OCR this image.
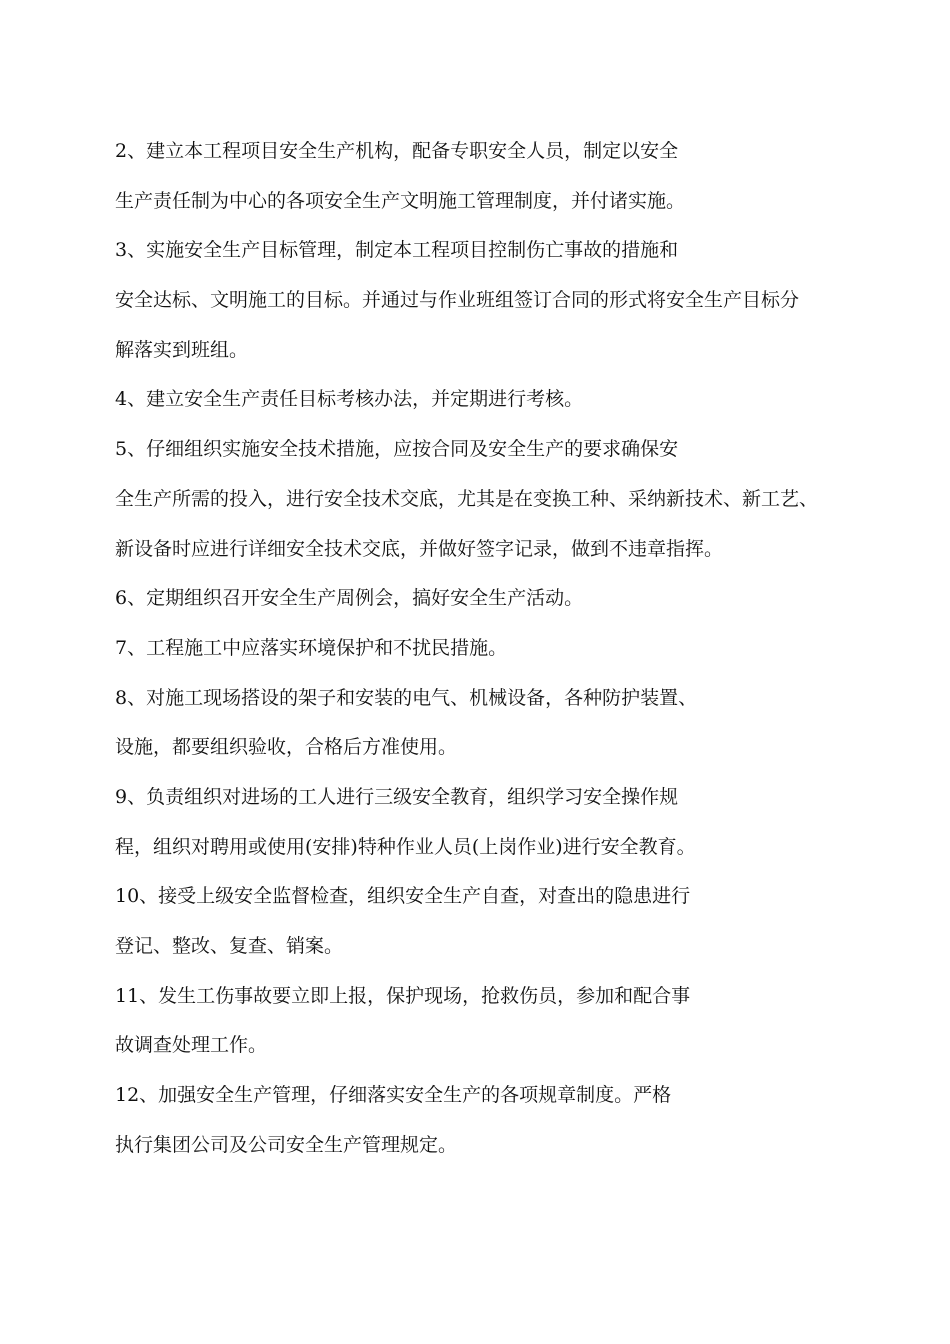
2、建立本工程项目安全生产机构，配备专职安全人员，制定以安全
生产责任制为中心的各项安全生产文明施工管理制度，并付诸实施。
3、实施安全生产目标管理，制定本工程项目控制伤亡事故的措施和
安全达标、文明施工的目标。并通过与作业班组签订合同的形式将安全生产目标分
解落实到班组。
4、建立安全生产责任目标考核办法，并定期进行考核。
5、仔细组织实施安全技术措施，应按合同及安全生产的要求确保安
全生产所需的投入，进行安全技术交底，尤其是在变换工种、采纳新技术、新工艺、
新设备时应进行详细安全技术交底，并做好签字记录，做到不违章指挥。
6、定期组织召开安全生产周例会，搞好安全生产活动。
7、工程施工中应落实环境保护和不扰民措施。
8、对施工现场搭设的架子和安装的电气、机械设备，各种防护装置、
设施，都要组织验收，合格后方准使用。
9、负责组织对进场的工人进行三级安全教育，组织学习安全操作规
程，组织对聘用或使用(安排)特种作业人员(上岗作业)进行安全教育。
10、接受上级安全监督检查，组织安全生产自查，对查出的隐患进行
登记、整改、复查、销案。
11、发生工伤事故要立即上报，保护现场，抢救伤员，参加和配合事
故调查处理工作。
12、加强安全生产管理，仔细落实安全生产的各项规章制度。严格
执行集团公司及公司安全生产管理规定。
